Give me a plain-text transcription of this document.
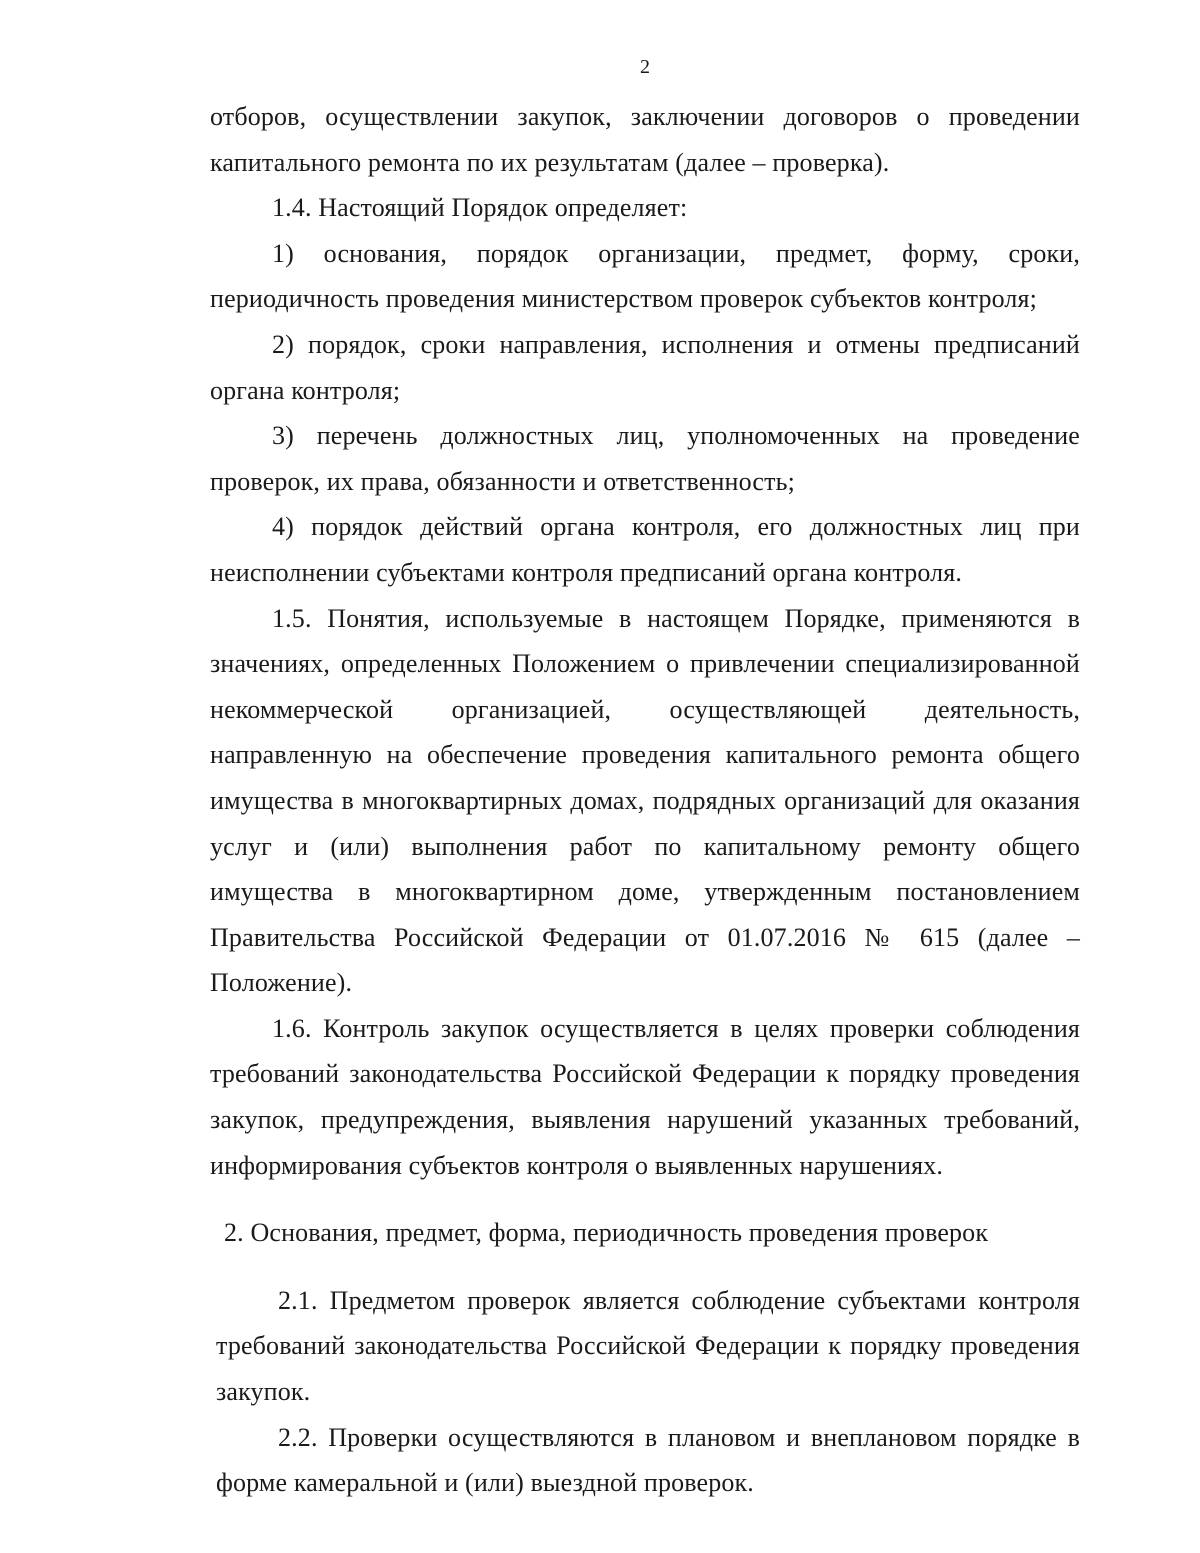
2

отборов, осуществлении закупок, заключении договоров о проведении капитального ремонта по их результатам (далее – проверка).

1.4. Настоящий Порядок определяет:

1) основания, порядок организации, предмет, форму, сроки, периодичность проведения министерством проверок субъектов контроля;

2) порядок, сроки направления, исполнения и отмены предписаний органа контроля;

3) перечень должностных лиц, уполномоченных на проведение проверок, их права, обязанности и ответственность;

4) порядок действий органа контроля, его должностных лиц при неисполнении субъектами контроля предписаний органа контроля.

1.5. Понятия, используемые в настоящем Порядке, применяются в значениях, определенных Положением о привлечении специализированной некоммерческой организацией, осуществляющей деятельность, направленную на обеспечение проведения капитального ремонта общего имущества в многоквартирных домах, подрядных организаций для оказания услуг и (или) выполнения работ по капитальному ремонту общего имущества в многоквартирном доме, утвержденным постановлением Правительства Российской Федерации от 01.07.2016 № 615 (далее – Положение).

1.6. Контроль закупок осуществляется в целях проверки соблюдения требований законодательства Российской Федерации к порядку проведения закупок, предупреждения, выявления нарушений указанных требований, информирования субъектов контроля о выявленных нарушениях.

2. Основания, предмет, форма, периодичность проведения проверок

2.1. Предметом проверок является соблюдение субъектами контроля требований законодательства Российской Федерации к порядку проведения закупок.

2.2. Проверки осуществляются в плановом и внеплановом порядке в форме камеральной и (или) выездной проверок.
